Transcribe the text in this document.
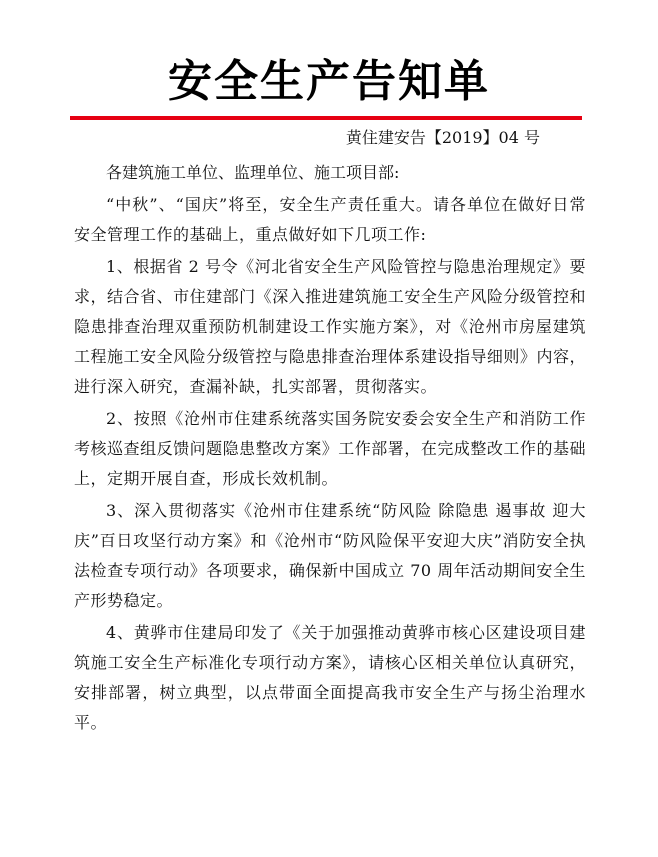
安全生产告知单
黄住建安告【2019】04 号

各建筑施工单位、监理单位、施工项目部:

“中秋”、“国庆”将至，安全生产责任重大。请各单位在做好日常安全管理工作的基础上，重点做好如下几项工作:

1、根据省 2 号令《河北省安全生产风险管控与隐患治理规定》要求，结合省、市住建部门《深入推进建筑施工安全生产风险分级管控和隐患排查治理双重预防机制建设工作实施方案》，对《沧州市房屋建筑工程施工安全风险分级管控与隐患排查治理体系建设指导细则》内容，进行深入研究，查漏补缺，扎实部署，贯彻落实。

2、按照《沧州市住建系统落实国务院安委会安全生产和消防工作考核巡查组反馈问题隐患整改方案》工作部署，在完成整改工作的基础上，定期开展自查，形成长效机制。

3、深入贯彻落实《沧州市住建系统“防风险 除隐患 遏事故 迎大庆”百日攻坚行动方案》和《沧州市“防风险保平安迎大庆”消防安全执法检查专项行动》各项要求，确保新中国成立 70 周年活动期间安全生产形势稳定。

4、黄骅市住建局印发了《关于加强推动黄骅市核心区建设项目建筑施工安全生产标准化专项行动方案》，请核心区相关单位认真研究，安排部署，树立典型，以点带面全面提高我市安全生产与扬尘治理水平。
